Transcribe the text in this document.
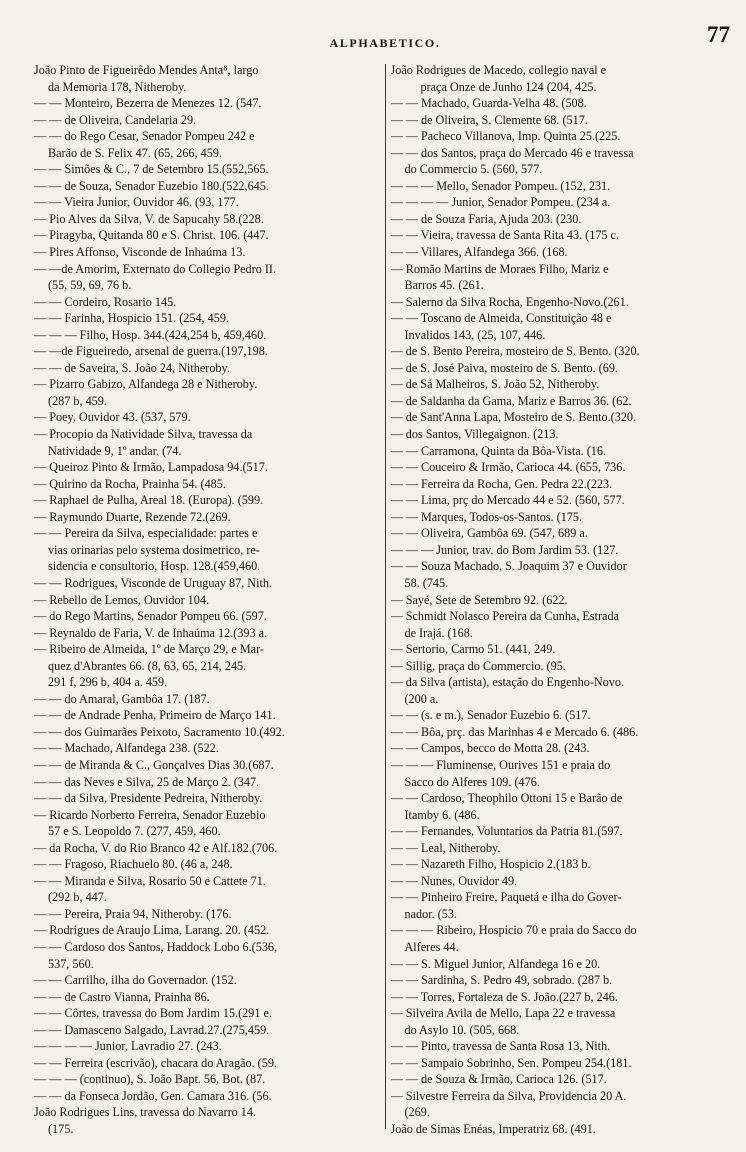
ALPHABETICO.	77
João Pinto de Figueirêdo Mendes Anta⁸, largo
da Memoria 178, Nitheroby.
— — Monteiro, Bezerra de Menezes 12. (547.
— — de Oliveira, Candelaria 29.
— — do Rego Cesar, Senador Pompeu 242 e
Barão de S. Felix 47. (65, 266, 459.
— — Simões & C., 7 de Setembro 15.(552,565.
— — de Souza, Senador Euzebio 180.(522,645.
— — Vieira Junior, Ouvidor 46. (93, 177.
— Pio Alves da Silva, V. de Sapucahy 58.(228.
— Piragyba, Quitanda 80 e S. Christ. 106. (447.
— Pires Affonso, Visconde de Inhaúma 13.
— —de Amorim, Externato do Collegio Pedro II.
(55, 59, 69, 76 b.
— — Cordeiro, Rosario 145.
— — Farinha, Hospicio 151. (254, 459.
— — — Filho, Hosp. 344.(424,254 b, 459,460.
— —de Figueiredo, arsenal de guerra.(197,198.
— — de Saveira, S. João 24, Nitheroby.
— Pizarro Gabizo, Alfandega 28 e Nitheroby.
(287 b, 459.
— Poey, Ouvidor 43. (537, 579.
— Procopio da Natividade Silva, travessa da
Natividade 9, 1º andar. (74.
— Queiroz Pinto & Irmão, Lampadosa 94.(517.
— Quirino da Rocha, Prainha 54. (485.
— Raphael de Pulha, Areal 18. (Europa). (599.
— Raymundo Duarte, Rezende 72.(269.
— — Pereira da Silva, especialidade: partes e
vias orinarias pelo systema dosimetrico, re-
sidencia e consultorio, Hosp. 128.(459,460.
— — Rodrigues, Visconde de Uruguay 87, Nith.
— Rebello de Lemos, Ouvidor 104.
— do Rego Martins, Senador Pompeu 66. (597.
— Reynaldo de Faria, V. de Inhaúma 12.(393 a.
— Ribeiro de Almeida, 1º de Março 29, e Mar-
quez d'Abrantes 66. (8, 63, 65, 214, 245.
291 f, 296 b, 404 a. 459.
— — do Amaral, Gambôa 17. (187.
— — de Andrade Penha, Primeiro de Março 141.
— — dos Guimarães Peixoto, Sacramento 10.(492.
— — Machado, Alfandega 238. (522.
— — de Miranda & C., Gonçalves Dias 30.(687.
— — das Neves e Silva, 25 de Março 2. (347.
— — da Silva, Presidente Pedreira, Nitheroby.
— Ricardo Norberto Ferreira, Senador Euzebio
57 e S. Leopoldo 7. (277, 459, 460.
— da Rocha, V. do Rio Branco 42 e Alf.182.(706.
— — Fragoso, Riachuelo 80. (46 a, 248.
— — Miranda e Silva, Rosario 50 e Cattete 71.
(292 b, 447.
— — Pereira, Praia 94, Nitheroby. (176.
— Rodrigues de Araujo Lima, Larang. 20. (452.
— — Cardoso dos Santos, Haddock Lobo 6.(536,
537, 560.
— — Carrilho, ilha do Governador. (152.
— — de Castro Vianna, Prainha 86.
— — Côrtes, travessa do Bom Jardim 15.(291 e.
— — Damasceno Salgado, Lavrad.27.(275,459.
— — — — Junior, Lavradio 27. (243.
— — Ferreira (escrivão), chacara do Aragão. (59.
— — — (continuo), S. João Bapt. 56, Bot. (87.
— — da Fonseca Jordão, Gen. Camara 316. (56.
João Rodrigues Lins, travessa do Navarro 14.
(175.
João Rodrigues de Macedo, collegio naval e
praça Onze de Junho 124 (204, 425.
— — Machado, Guarda-Velha 48. (508.
— — de Oliveira, S. Clemente 68. (517.
— — Pacheco Villanova, Imp. Quinta 25.(225.
— — dos Santos, praça do Mercado 46 e travessa
do Commercio 5. (560, 577.
— — — Mello, Senador Pompeu. (152, 231.
— — — — Junior, Senador Pompeu. (234 a.
— — de Souza Faria, Ajuda 203. (230.
— — Vieira, travessa de Santa Rita 43. (175 c.
— — Villares, Alfandega 366. (168.
— Romão Martins de Moraes Filho, Mariz e
Barros 45. (261.
— Salerno da Silva Rocha, Engenho-Novo.(261.
— — Toscano de Almeida, Constituição 48 e
Invalidos 143, (25, 107, 446.
— de S. Bento Pereira, mosteiro de S. Bento. (320.
— de S. José Paiva, mosteiro de S. Bento. (69.
— de Sá Malheiros, S. João 52, Nitheroby.
— de Saldanha da Gama, Mariz e Barros 36. (62.
— de Sant'Anna Lapa, Mosteiro de S. Bento.(320.
— dos Santos, Villegaignon. (213.
— — Carramona, Quinta da Bôa-Vista. (16.
— — Couceiro & Irmão, Carioca 44. (655, 736.
— — Ferreira da Rocha, Gen. Pedra 22.(223.
— — Lima, prç do Mercado 44 e 52. (560, 577.
— — Marques, Todos-os-Santos. (175.
— — Oliveira, Gambôa 69. (547, 689 a.
— — — Junior, trav. do Bom Jardim 53. (127.
— — Souza Machado, S. Joaquim 37 e Ouvidor
58. (745.
— Sayé, Sete de Setembro 92. (622.
— Schmidt Nolasco Pereira da Cunha, Estrada
de Irajá. (168.
— Sertorio, Carmo 51. (441, 249.
— Sillig, praça do Commercio. (95.
— da Silva (artista), estação do Engenho-Novo.
(200 a.
— — (s. e m.), Senador Euzebio 6. (517.
— — Bôa, prç. das Marinhas 4 e Mercado 6. (486.
— — Campos, becco do Motta 28. (243.
— — — Fluminense, Ourives 151 e praia do
Sacco do Alferes 109. (476.
— — Cardoso, Theophilo Ottoni 15 e Barão de
Itamby 6. (486.
— — Fernandes, Voluntarios da Patria 81.(597.
— — Leal, Nitheroby.
— — Nazareth Filho, Hospicio 2.(183 b.
— — Nunes, Ouvidor 49.
— — Pinheiro Freire, Paquetá e ilha do Gover-
nador. (53.
— — — Ribeiro, Hospicio 70 e praia do Sacco do
Alferes 44.
— — S. Miguel Junior, Alfandega 16 e 20.
— — Sardinha, S. Pedro 49, sobrado. (287 b.
— — Torres, Fortaleza de S. João.(227 b, 246.
— Silveira Avila de Mello, Lapa 22 e travessa
do Asylo 10. (505, 668.
— — Pinto, travessa de Santa Rosa 13, Nith.
— — Sampaio Sobrinho, Sen. Pompeu 254.(181.
— — de Souza & Irmão, Carioca 126. (517.
— Silvestre Ferreira da Silva, Providencia 20 A.
(269.
João de Simas Enéas, Imperatriz 68. (491.
